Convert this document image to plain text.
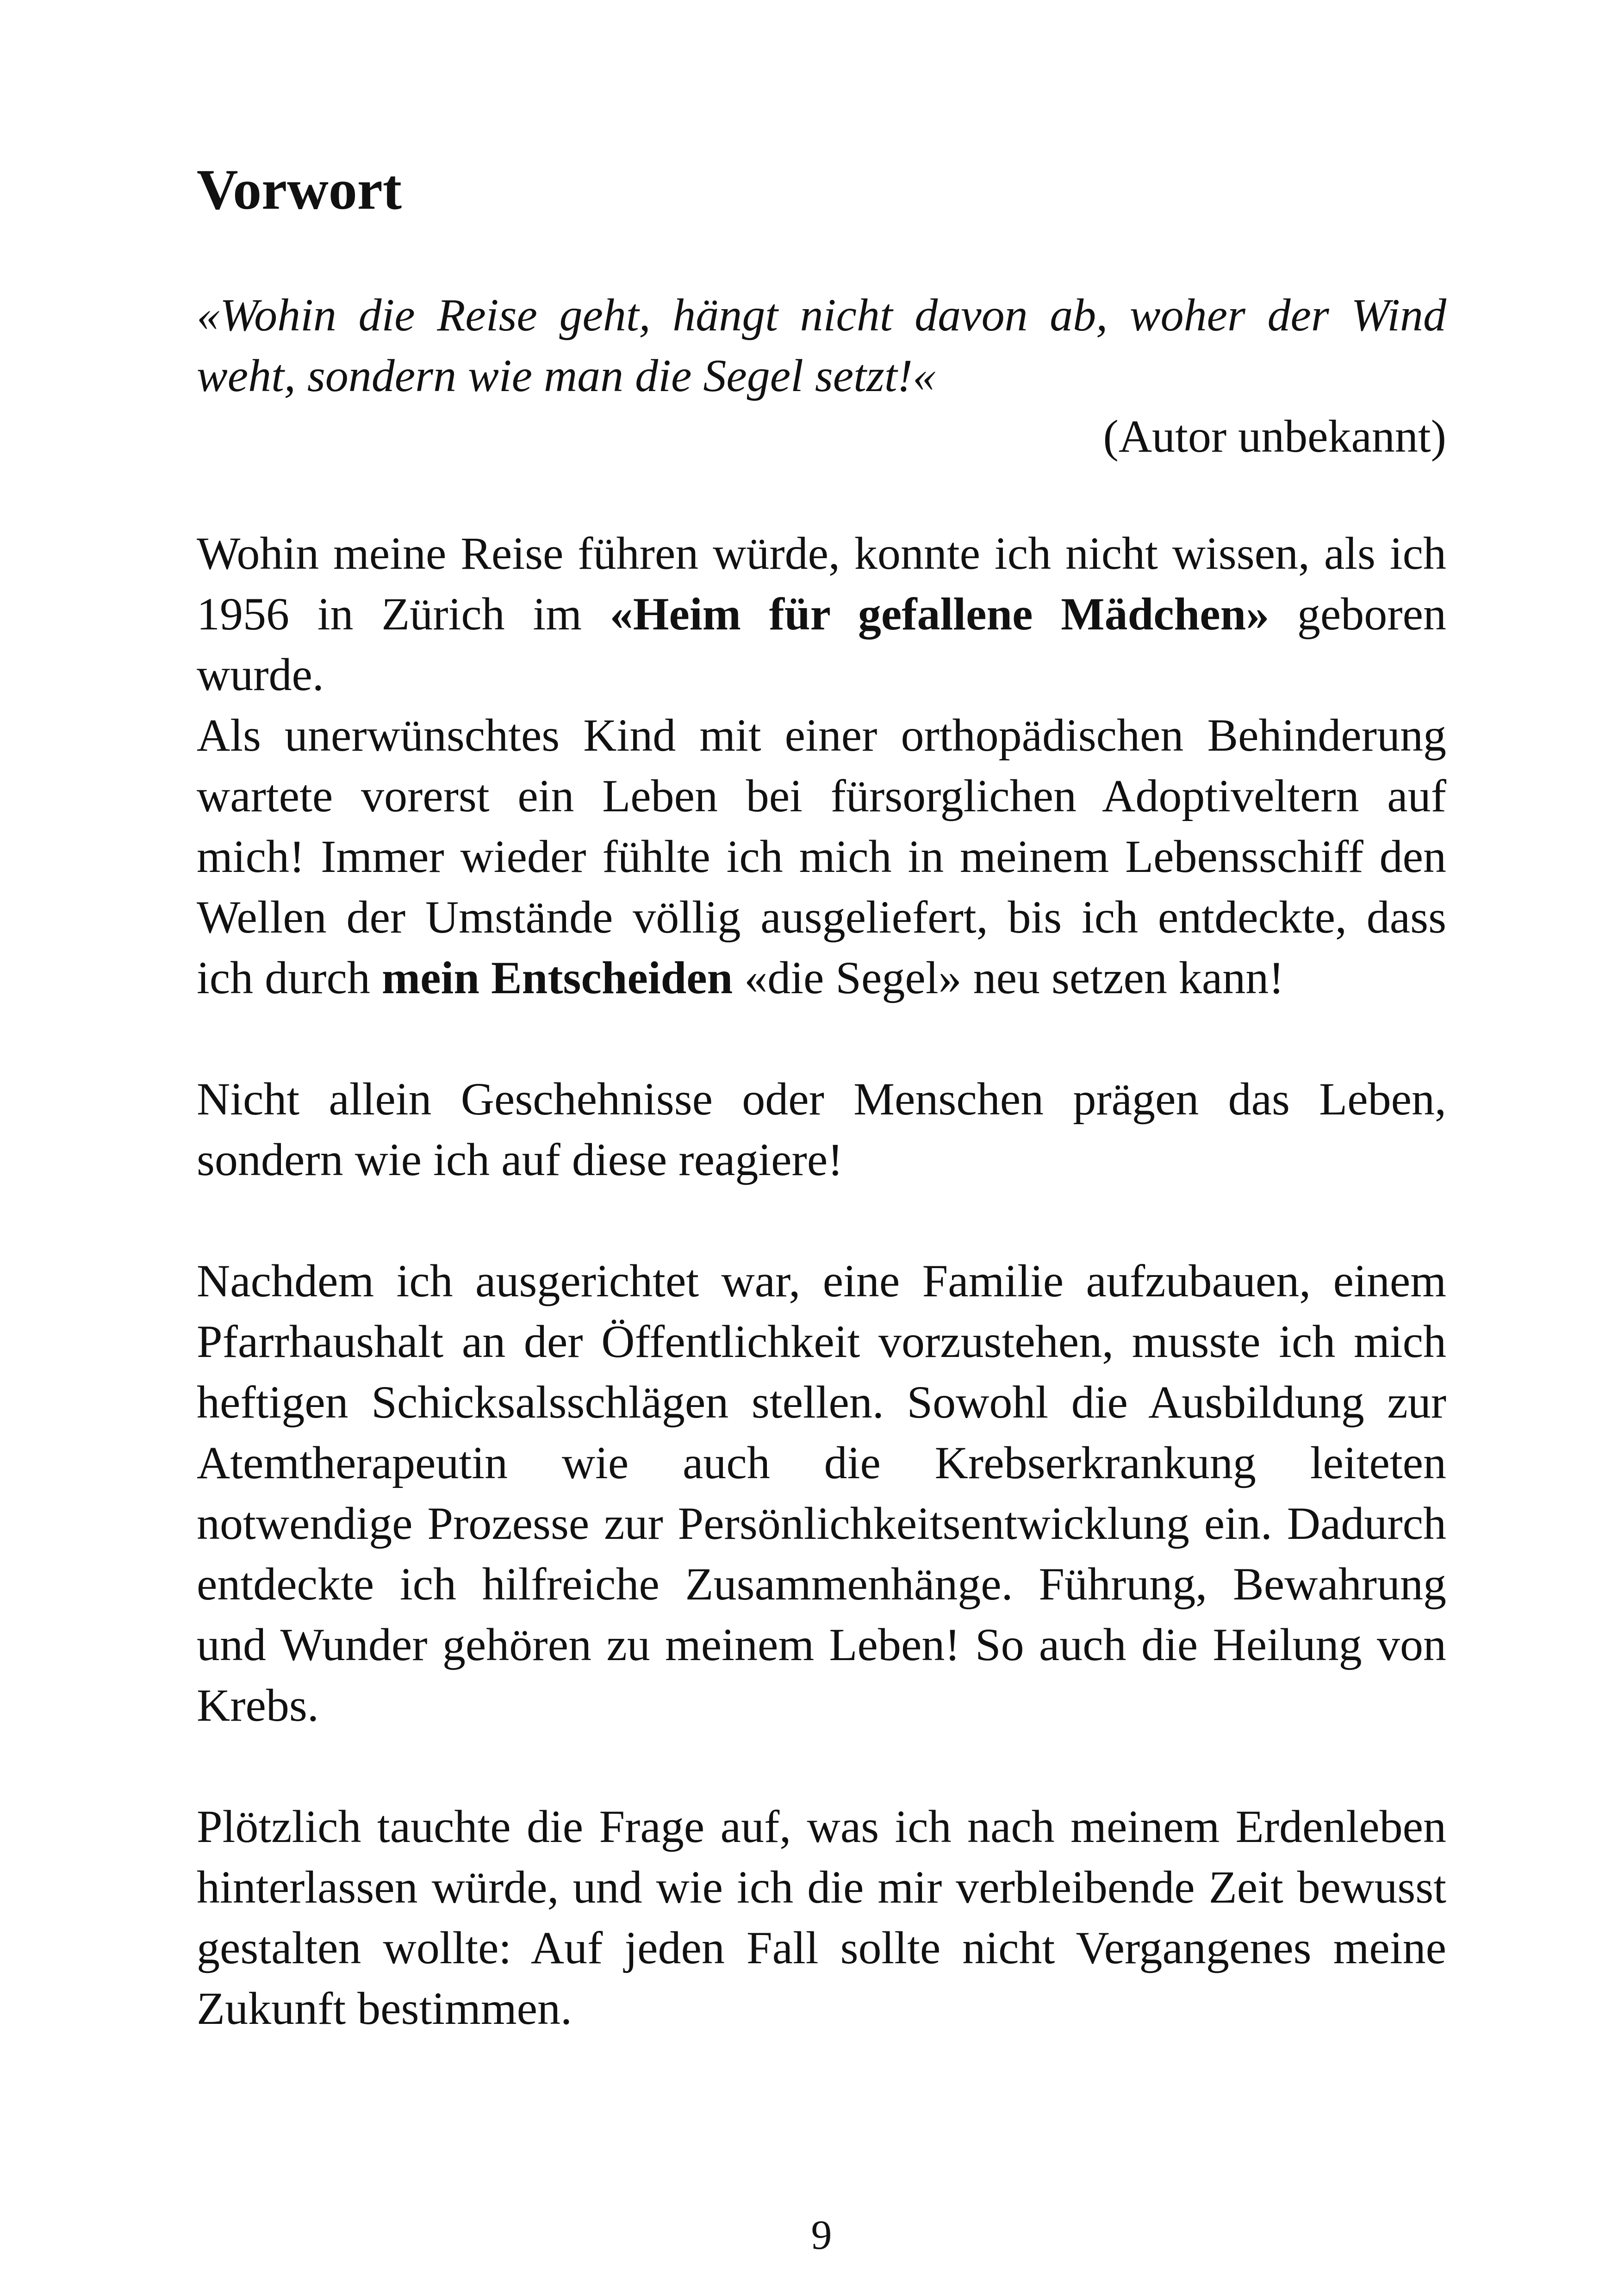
Vorwort

«Wohin die Reise geht, hängt nicht davon ab, woher der Wind weht, sondern wie man die Segel setzt!«

(Autor unbekannt)

Wohin meine Reise führen würde, konnte ich nicht wissen, als ich 1956 in Zürich im «Heim für gefallene Mädchen» geboren wurde.

Als unerwünschtes Kind mit einer orthopädischen Behinderung wartete vorerst ein Leben bei fürsorglichen Adoptiveltern auf mich! Immer wieder fühlte ich mich in meinem Lebensschiff den Wellen der Umstände völlig ausgeliefert, bis ich entdeckte, dass ich durch mein Entscheiden «die Segel» neu setzen kann!

Nicht allein Geschehnisse oder Menschen prägen das Leben, sondern wie ich auf diese reagiere!

Nachdem ich ausgerichtet war, eine Familie aufzubauen, einem Pfarrhaushalt an der Öffentlichkeit vorzustehen, musste ich mich heftigen Schicksalsschlägen stellen. Sowohl die Ausbildung zur Atemtherapeutin wie auch die Krebserkrankung leiteten notwendige Prozesse zur Persönlichkeitsentwicklung ein. Dadurch entdeckte ich hilfreiche Zusammenhänge. Führung, Bewahrung und Wunder gehören zu meinem Leben! So auch die Heilung von Krebs.

Plötzlich tauchte die Frage auf, was ich nach meinem Erdenleben hinterlassen würde, und wie ich die mir verbleibende Zeit bewusst gestalten wollte: Auf jeden Fall sollte nicht Vergangenes meine Zukunft bestimmen.

9
